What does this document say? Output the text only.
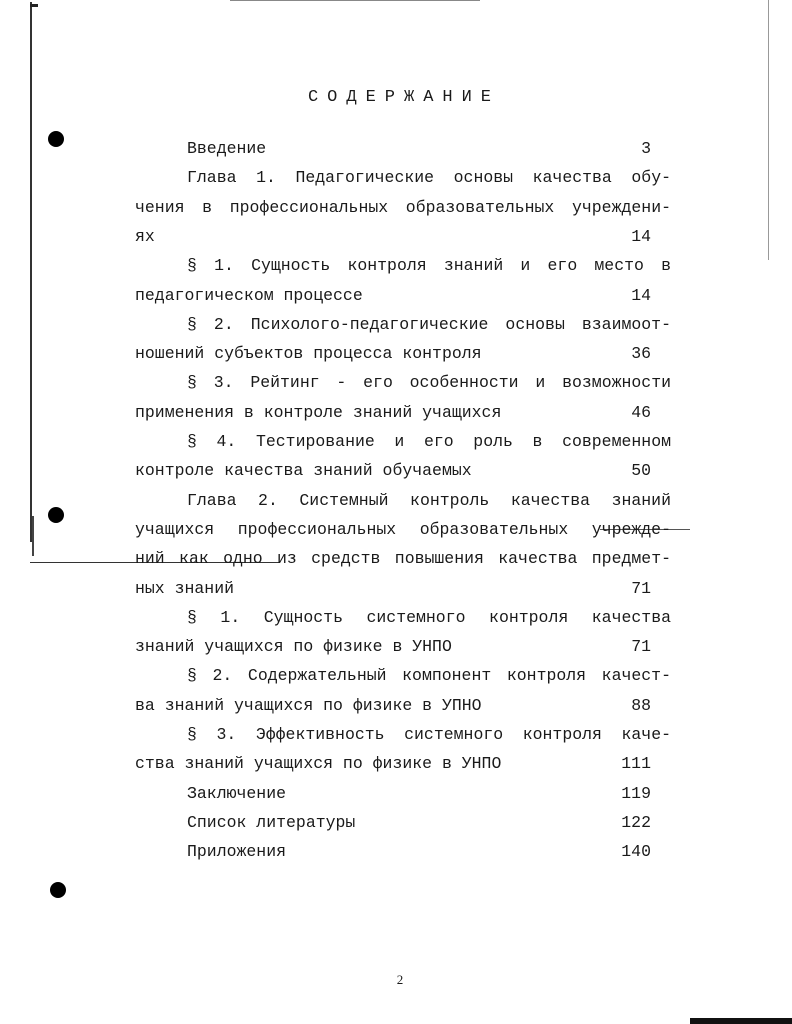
СОДЕРЖАНИЕ
Введение	3
Глава 1. Педагогические основы качества обу-
чения в профессиональных образовательных учреждени-
ях	14
§ 1. Сущность контроля знаний и его место в
педагогическом процессе	14
§ 2. Психолого-педагогические основы взаимоот-
ношений субъектов процесса контроля	36
§ 3. Рейтинг - его особенности и возможности
применения в контроле знаний учащихся	46
§ 4. Тестирование и его роль в современном
контроле качества знаний обучаемых	50
Глава 2. Системный контроль качества знаний
учащихся профессиональных образовательных учрежде-
ний как одно из средств повышения качества предмет-
ных знаний	71
§ 1. Сущность системного контроля качества
знаний учащихся по физике в УНПО	71
§ 2. Содержательный компонент контроля качест-
ва знаний учащихся по физике в УПНО	88
§ 3. Эффективность системного контроля каче-
ства знаний учащихся по физике в УНПО	111
Заключение	119
Список литературы	122
Приложения	140
2
